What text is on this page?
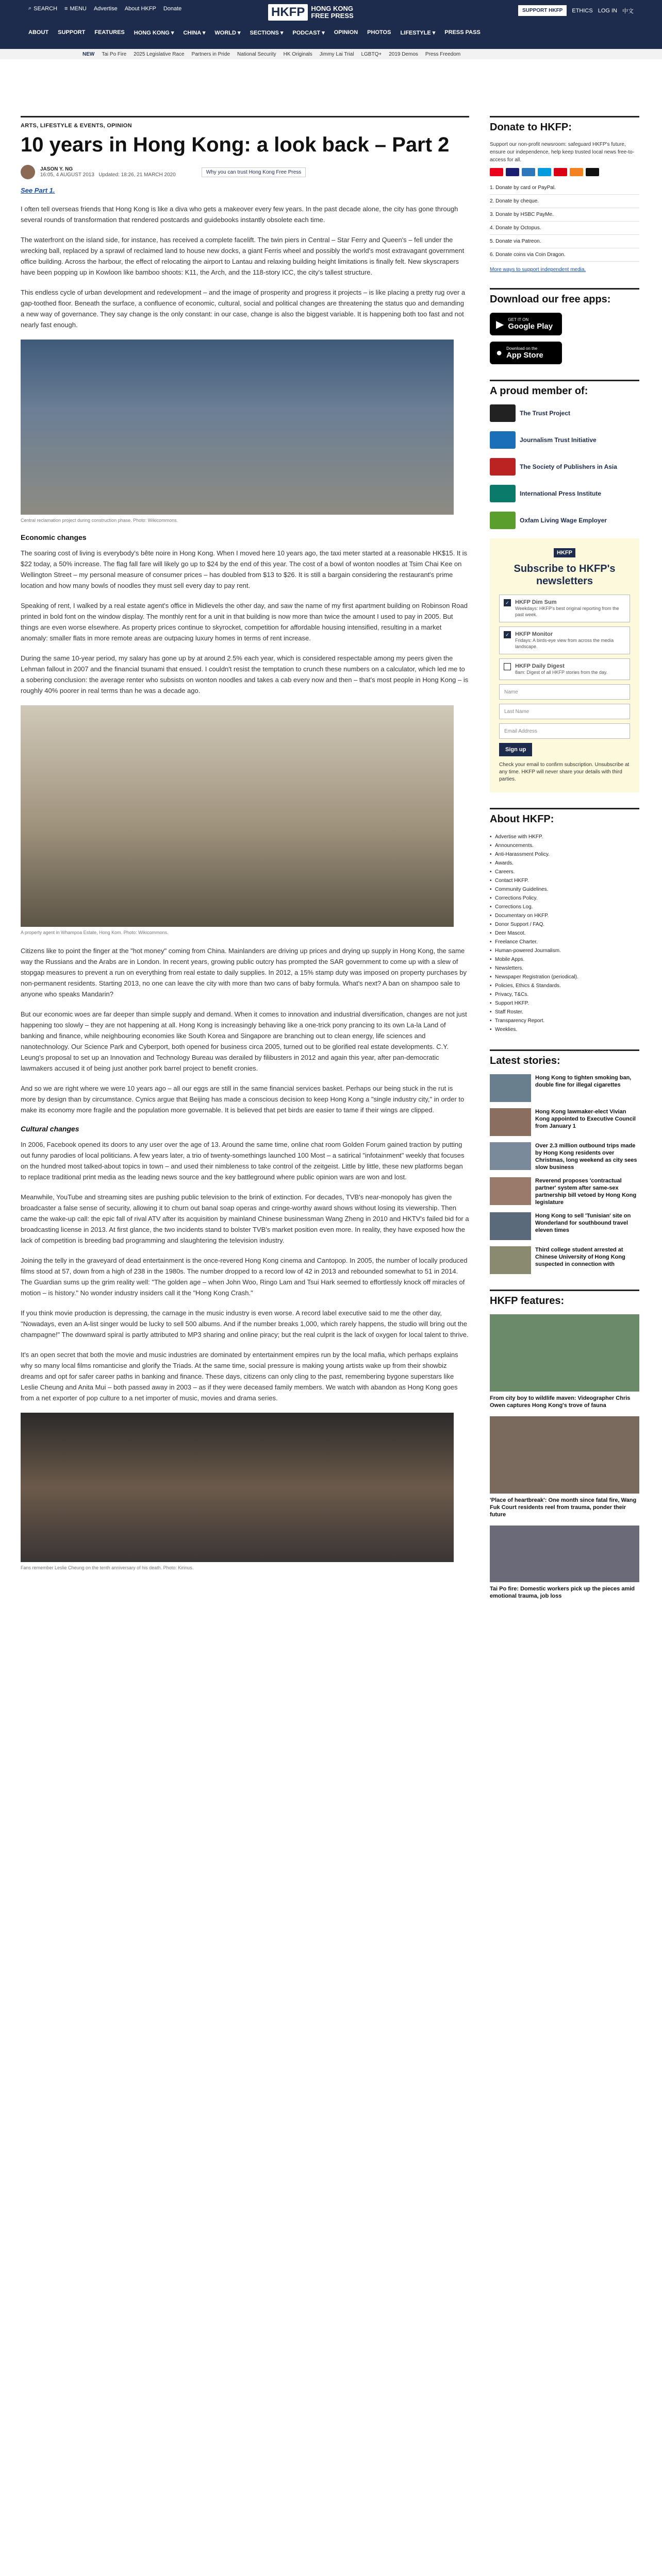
⌕ SEARCH ≡ MENU Advertise About HKFP Donate	HKFP HONG KONG
FREE PRESS
SUPPORT HKFP	ETHICS LOG IN 中文
ABOUT SUPPORT FEATURES HONG KONG ▾ CHINA ▾ WORLD ▾ SECTIONS ▾ PODCAST ▾ OPINION PHOTOS LIFESTYLE ▾ PRESS PASS
NEW Tai Po Fire 2025 Legislative Race Partners in Pride National Security HK Originals Jimmy Lai Trial LGBTQ+ 2019 Demos Press Freedom
ARTS, LIFESTYLE & EVENTS, OPINION
10 years in Hong Kong: a look back – Part 2
JASON Y. NG
16:05, 4 AUGUST 2013 Updated: 18:26, 21 MARCH 2020	Why you can trust Hong Kong Free Press
See Part 1.

I often tell overseas friends that Hong Kong is like a diva who gets a makeover every few years. In the past decade alone, the city has gone through several rounds of transformation that rendered postcards and guidebooks instantly obsolete each time.

The waterfront on the island side, for instance, has received a complete facelift. The twin piers in Central – Star Ferry and Queen's – fell under the wrecking ball, replaced by a sprawl of reclaimed land to house new docks, a giant Ferris wheel and possibly the world's most extravagant government office building. Across the harbour, the effect of relocating the airport to Lantau and relaxing building height limitations is finally felt. New skyscrapers have been popping up in Kowloon like bamboo shoots: K11, the Arch, and the 118-story ICC, the city's tallest structure.

This endless cycle of urban development and redevelopment – and the image of prosperity and progress it projects – is like placing a pretty rug over a gap-toothed floor. Beneath the surface, a confluence of economic, cultural, social and political changes are threatening the status quo and demanding a new way of governance. They say change is the only constant: in our case, change is also the biggest variable. It is happening both too fast and not nearly fast enough.

Central reclamation project during construction phase. Photo: Wikicommons.
Economic changes

The soaring cost of living is everybody's bête noire in Hong Kong. When I moved here 10 years ago, the taxi meter started at a reasonable HK$15. It is $22 today, a 50% increase. The flag fall fare will likely go up to $24 by the end of this year. The cost of a bowl of wonton noodles at Tsim Chai Kee on Wellington Street – my personal measure of consumer prices – has doubled from $13 to $26. It is still a bargain considering the restaurant's prime location and how many bowls of noodles they must sell every day to pay rent.

Speaking of rent, I walked by a real estate agent's office in Midlevels the other day, and saw the name of my first apartment building on Robinson Road printed in bold font on the window display. The monthly rent for a unit in that building is now more than twice the amount I used to pay in 2005. But things are even worse elsewhere. As property prices continue to skyrocket, competition for affordable housing intensified, resulting in a market anomaly: smaller flats in more remote areas are outpacing luxury homes in terms of rent increase.

During the same 10-year period, my salary has gone up by at around 2.5% each year, which is considered respectable among my peers given the Lehman fallout in 2007 and the financial tsunami that ensued. I couldn't resist the temptation to crunch these numbers on a calculator, which led me to a sobering conclusion: the average renter who subsists on wonton noodles and takes a cab every now and then – that's most people in Hong Kong – is roughly 40% poorer in real terms than he was a decade ago.

A property agent in Whampoa Estate, Hong Kom. Photo: Wikicommons.

Citizens like to point the finger at the "hot money" coming from China. Mainlanders are driving up prices and drying up supply in Hong Kong, the same way the Russians and the Arabs are in London. In recent years, growing public outcry has prompted the SAR government to come up with a slew of stopgap measures to prevent a run on everything from real estate to daily supplies. In 2012, a 15% stamp duty was imposed on property purchases by non-permanent residents. Starting 2013, no one can leave the city with more than two cans of baby formula. What's next? A ban on shampoo sale to anyone who speaks Mandarin?

But our economic woes are far deeper than simple supply and demand. When it comes to innovation and industrial diversification, changes are not just happening too slowly – they are not happening at all. Hong Kong is increasingly behaving like a one-trick pony prancing to its own La-la Land of banking and finance, while neighbouring economies like South Korea and Singapore are branching out to clean energy, life sciences and nanotechnology. Our Science Park and Cyberport, both opened for business circa 2005, turned out to be glorified real estate developments. C.Y. Leung's proposal to set up an Innovation and Technology Bureau was derailed by filibusters in 2012 and again this year, after pan-democratic lawmakers accused it of being just another pork barrel project to benefit cronies.

And so we are right where we were 10 years ago – all our eggs are still in the same financial services basket. Perhaps our being stuck in the rut is more by design than by circumstance. Cynics argue that Beijing has made a conscious decision to keep Hong Kong a "single industry city," in order to make its economy more fragile and the population more governable. It is believed that pet birds are easier to tame if their wings are clipped.

Cultural changes

In 2006, Facebook opened its doors to any user over the age of 13. Around the same time, online chat room Golden Forum gained traction by putting out funny parodies of local politicians. A few years later, a trio of twenty-somethings launched 100 Most – a satirical "infotainment" weekly that focuses on the hundred most talked-about topics in town – and used their nimbleness to take control of the zeitgeist. Little by little, these new platforms began to replace traditional print media as the leading news source and the key battleground where public opinion wars are won and lost.

Meanwhile, YouTube and streaming sites are pushing public television to the brink of extinction. For decades, TVB's near-monopoly has given the broadcaster a false sense of security, allowing it to churn out banal soap operas and cringe-worthy award shows without losing its viewership. Then came the wake-up call: the epic fall of rival ATV after its acquisition by mainland Chinese businessman Wang Zheng in 2010 and HKTV's failed bid for a broadcasting license in 2013. At first glance, the two incidents stand to bolster TVB's market position even more. In reality, they have exposed how the lack of competition is breeding bad programming and slaughtering the television industry.

Joining the telly in the graveyard of dead entertainment is the once-revered Hong Kong cinema and Cantopop. In 2005, the number of locally produced films stood at 57, down from a high of 238 in the 1980s. The number dropped to a record low of 42 in 2013 and rebounded somewhat to 51 in 2014. The Guardian sums up the grim reality well: "The golden age – when John Woo, Ringo Lam and Tsui Hark seemed to effortlessly knock off miracles of motion – is history." No wonder industry insiders call it the "Hong Kong Crash."

If you think movie production is depressing, the carnage in the music industry is even worse. A record label executive said to me the other day, "Nowadays, even an A-list singer would be lucky to sell 500 albums. And if the number breaks 1,000, which rarely happens, the studio will bring out the champagne!" The downward spiral is partly attributed to MP3 sharing and online piracy; but the real culprit is the lack of oxygen for local talent to thrive.

It's an open secret that both the movie and music industries are dominated by entertainment empires run by the local mafia, which perhaps explains why so many local films romanticise and glorify the Triads. At the same time, social pressure is making young artists wake up from their showbiz dreams and opt for safer career paths in banking and finance. These days, citizens can only cling to the past, remembering bygone superstars like Leslie Cheung and Anita Mui – both passed away in 2003 – as if they were deceased family members. We watch with abandon as Hong Kong goes from a net exporter of pop culture to a net importer of music, movies and drama series.

Fans remember Leslie Cheung on the tenth anniversary of his death. Photo: Kirinus.
Donate to HKFP:

Support our non-profit newsroom: safeguard HKFP's future, ensure our independence, help keep trusted local news free-to-access for all.

1. Donate by card or PayPal.
2. Donate by cheque.
3. Donate by HSBC PayMe.
4. Donate by Octopus.
5. Donate via Patreon.
6. Donate coins via Coin Dragon.
More ways to support independent media.
Download our free apps:
▶ GET IT ON
Google Play
● Download on the
App Store
A proud member of:
The Trust Project
Journalism Trust Initiative
The Society of Publishers in Asia
International Press Institute
Oxfam Living Wage Employer
HKFP
Subscribe to HKFP's newsletters
✓ HKFP Dim Sum
Weekdays: HKFP's best original reporting from the past week.
✓ HKFP Monitor
Fridays: A birds-eye view from across the media landscape.
HKFP Daily Digest
8am: Digest of all HKFP stories from the day.
Name
Last Name
Email Address
Sign up
Check your email to confirm subscription. Unsubscribe at any time. HKFP will never share your details with third parties.
About HKFP:
• Advertise with HKFP.
• Announcements.
• Anti-Harassment Policy.
• Awards.
• Careers.
• Contact HKFP.
• Community Guidelines.
• Corrections Policy.
• Corrections Log.
• Documentary on HKFP.
• Donor Support / FAQ.
• Deer Mascot.
• Freelance Charter.
• Human-powered Journalism.
• Mobile Apps.
• Newsletters.
• Newspaper Registration (periodical).
• Policies, Ethics & Standards.
• Privacy, T&Cs.
• Support HKFP.
• Staff Roster.
• Transparency Report.
• Weeklies.
Latest stories:
Hong Kong to tighten smoking ban, double fine for illegal cigarettes
Hong Kong lawmaker-elect Vivian Kong appointed to Executive Council from January 1
Over 2.3 million outbound trips made by Hong Kong residents over Christmas, long weekend as city sees slow business
Reverend proposes 'contractual partner' system after same-sex partnership bill vetoed by Hong Kong legislature
Hong Kong to sell 'Tunisian' site on Wonderland for southbound travel eleven times
Third college student arrested at Chinese University of Hong Kong suspected in connection with
HKFP features:
From city boy to wildlife maven: Videographer Chris Owen captures Hong Kong's trove of fauna
'Place of heartbreak': One month since fatal fire, Wang Fuk Court residents reel from trauma, ponder their future
Tai Po fire: Domestic workers pick up the pieces amid emotional trauma, job loss
